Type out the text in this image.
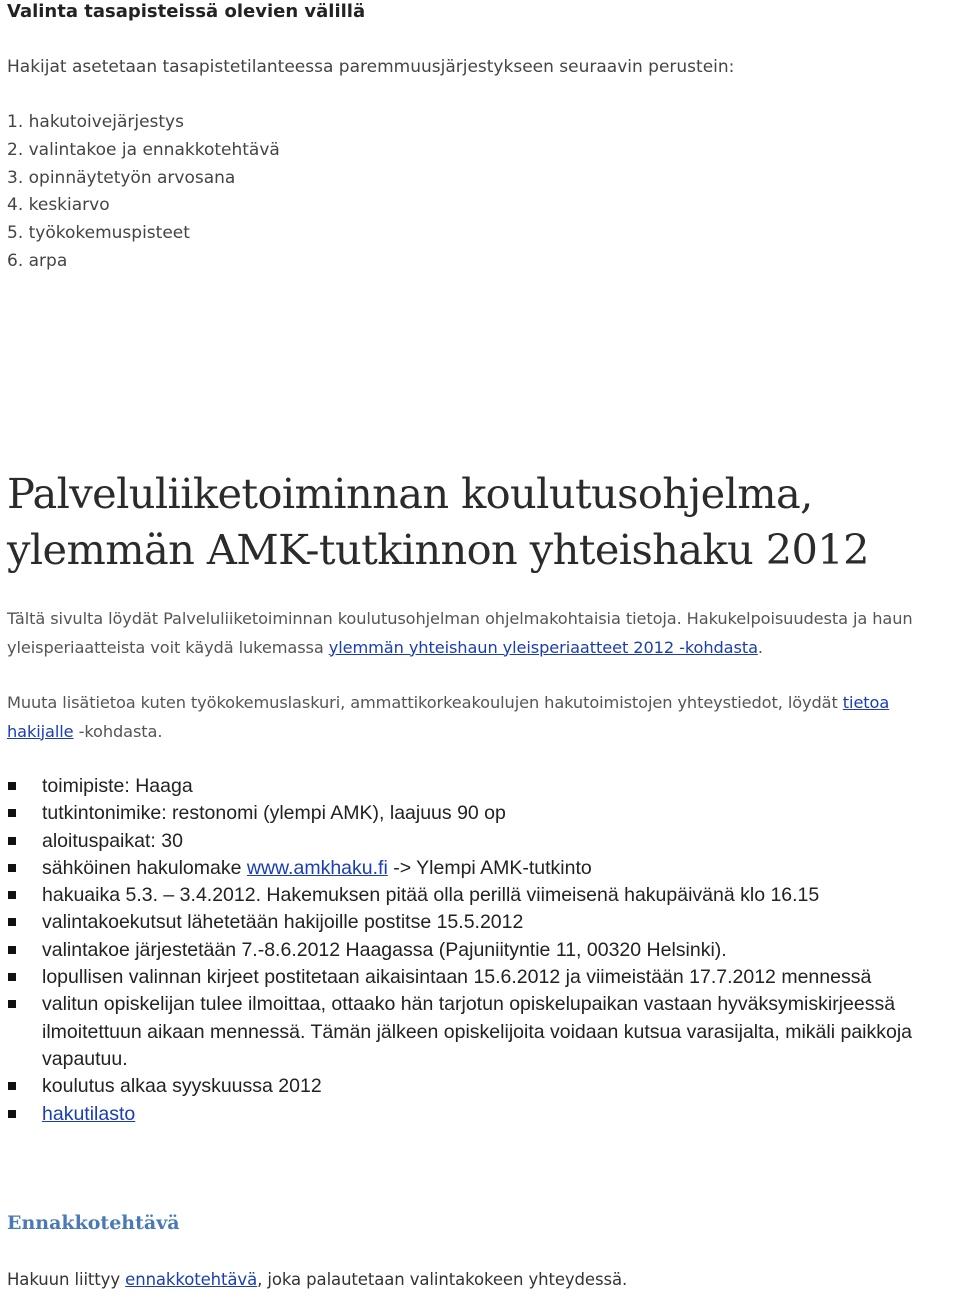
Valinta tasapisteissä olevien välillä

Hakijat asetetaan tasapistetilanteessa paremmuusjärjestykseen seuraavin perustein:

1. hakutoivejärjestys
2. valintakoe ja ennakkotehtävä
3. opinnäytetyön arvosana
4. keskiarvo
5. työkokemuspisteet
6. arpa
Palveluliiketoiminnan koulutusohjelma,
ylemmän AMK-tutkinnon yhteishaku 2012

Tältä sivulta löydät Palveluliiketoiminnan koulutusohjelman ohjelmakohtaisia tietoja. Hakukelpoisuudesta ja haun yleisperiaatteista voit käydä lukemassa ylemmän yhteishaun yleisperiaatteet 2012 -kohdasta.

Muuta lisätietoa kuten työkokemuslaskuri, ammattikorkeakoulujen hakutoimistojen yhteystiedot, löydät tietoa hakijalle -kohdasta.

toimipiste: Haaga
tutkintonimike: restonomi (ylempi AMK), laajuus 90 op
aloituspaikat: 30
sähköinen hakulomake www.amkhaku.fi -> Ylempi AMK-tutkinto
hakuaika 5.3. – 3.4.2012. Hakemuksen pitää olla perillä viimeisenä hakupäivänä klo 16.15
valintakoekutsut lähetetään hakijoille postitse 15.5.2012
valintakoe järjestetään 7.-8.6.2012 Haagassa (Pajuniityntie 11, 00320 Helsinki).
lopullisen valinnan kirjeet postitetaan aikaisintaan 15.6.2012 ja viimeistään 17.7.2012 mennessä
valitun opiskelijan tulee ilmoittaa, ottaako hän tarjotun opiskelupaikan vastaan hyväksymiskirjeessä ilmoitettuun aikaan mennessä. Tämän jälkeen opiskelijoita voidaan kutsua varasijalta, mikäli paikkoja vapautuu.
koulutus alkaa syyskuussa 2012
hakutilasto
Ennakkotehtävä

Hakuun liittyy ennakkotehtävä, joka palautetaan valintakokeen yhteydessä.
